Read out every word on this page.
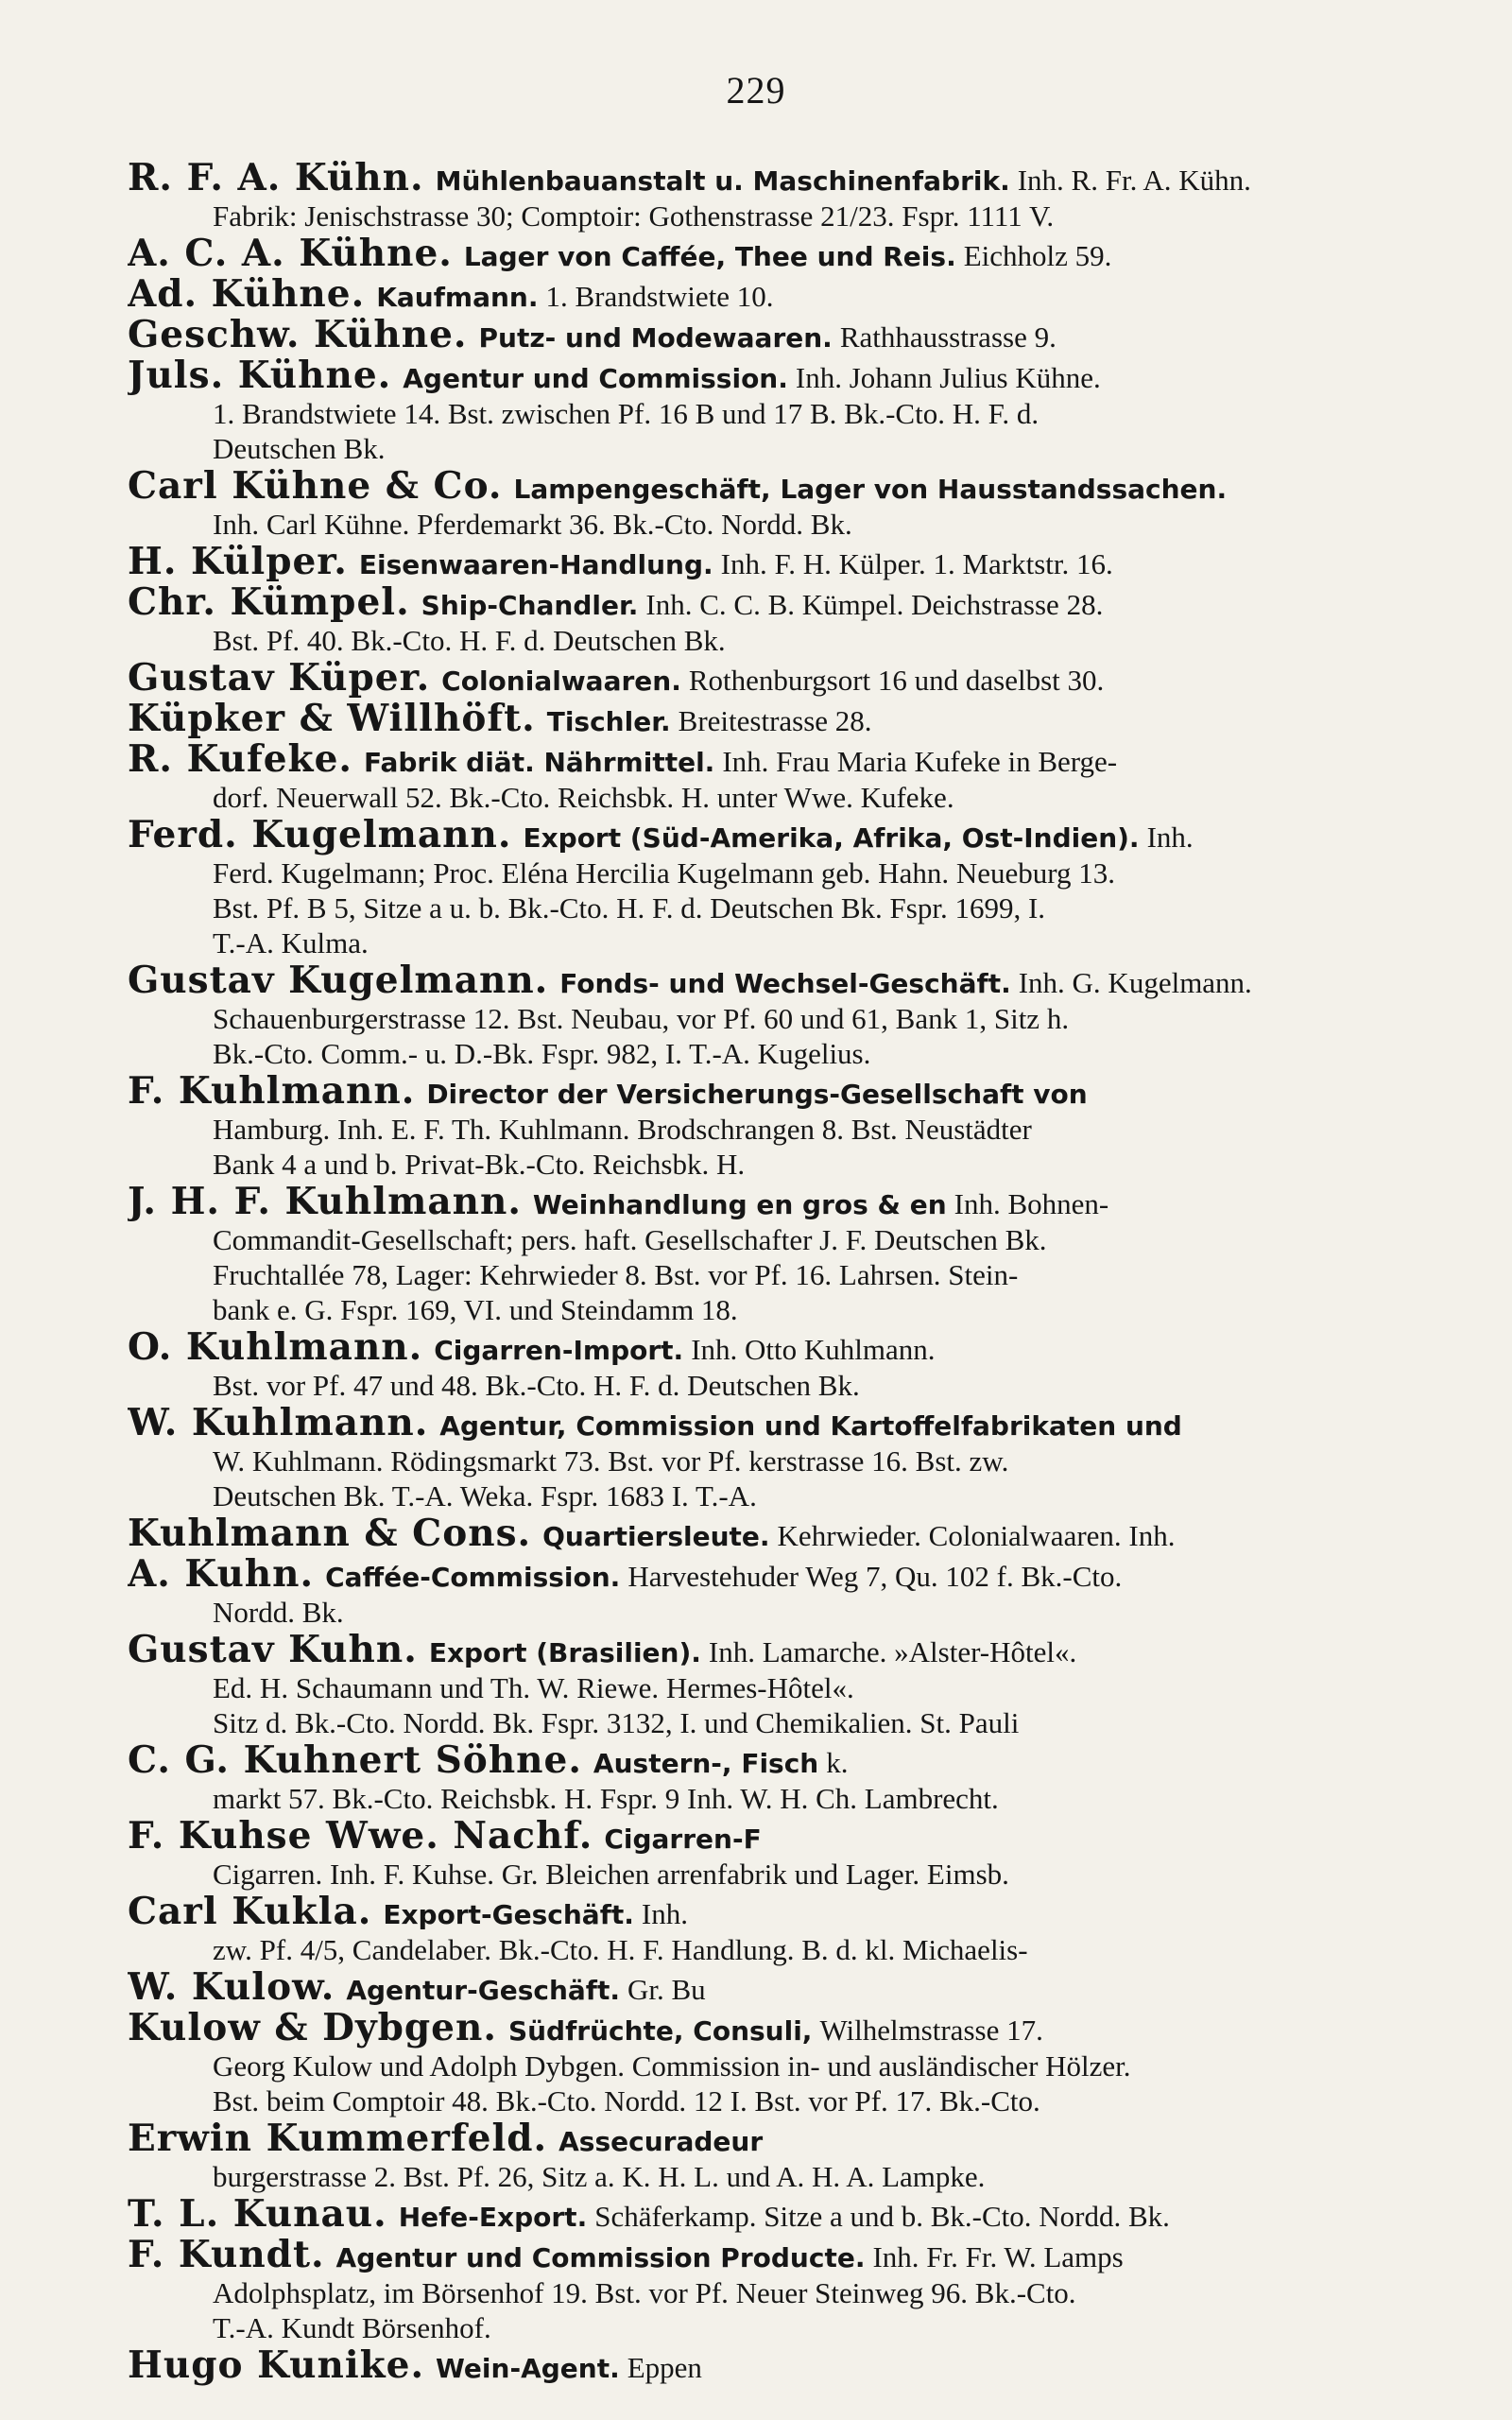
229
R. F. A. Kühn. Mühlenbauanstalt u. Maschinenfabrik. Inh. R. Fr. A. Kühn.
Fabrik: Jenischstrasse 30; Comptoir: Gothenstrasse 21/23. Fspr. 1111 V.
A. C. A. Kühne. Lager von Caffée, Thee und Reis. Eichholz 59.
Ad. Kühne. Kaufmann. 1. Brandstwiete 10.
Geschw. Kühne. Putz- und Modewaaren. Rathhausstrasse 9.
Juls. Kühne. Agentur und Commission. Inh. Johann Julius Kühne.
1. Brandstwiete 14. Bst. zwischen Pf. 16 B und 17 B. Bk.-Cto. H. F. d.
Deutschen Bk.
Carl Kühne & Co. Lampengeschäft, Lager von Hausstandssachen.
Inh. Carl Kühne. Pferdemarkt 36. Bk.-Cto. Nordd. Bk.
H. Külper. Eisenwaaren-Handlung. Inh. F. H. Külper. 1. Marktstr. 16.
Chr. Kümpel. Ship-Chandler. Inh. C. C. B. Kümpel. Deichstrasse 28.
Bst. Pf. 40. Bk.-Cto. H. F. d. Deutschen Bk.
Gustav Küper. Colonialwaaren. Rothenburgsort 16 und daselbst 30.
Küpker & Willhöft. Tischler. Breitestrasse 28.
R. Kufeke. Fabrik diät. Nährmittel. Inh. Frau Maria Kufeke in Berge-
dorf. Neuerwall 52. Bk.-Cto. Reichsbk. H. unter Wwe. Kufeke.
Ferd. Kugelmann. Export (Süd-Amerika, Afrika, Ost-Indien). Inh.
Ferd. Kugelmann; Proc. Eléna Hercilia Kugelmann geb. Hahn. Neueburg 13.
Bst. Pf. B 5, Sitze a u. b. Bk.-Cto. H. F. d. Deutschen Bk. Fspr. 1699, I.
T.-A. Kulma.
Gustav Kugelmann. Fonds- und Wechsel-Geschäft. Inh. G. Kugelmann.
Schauenburgerstrasse 12. Bst. Neubau, vor Pf. 60 und 61, Bank 1, Sitz h.
Bk.-Cto. Comm.- u. D.-Bk. Fspr. 982, I. T.-A. Kugelius.
F. Kuhlmann. Director der Versicherungs-Gesellschaft von
Hamburg. Inh. E. F. Th. Kuhlmann. Brodschrangen 8. Bst. Neustädter
Bank 4 a und b. Privat-Bk.-Cto. Reichsbk. H.
J. H. F. Kuhlmann. Weinhandlung en gros & en Inh. Bohnen-
Commandit-Gesellschaft; pers. haft. Gesellschafter J. F. Deutschen Bk.
Fruchtallée 78, Lager: Kehrwieder 8. Bst. vor Pf. 16. Lahrsen. Stein-
bank e. G. Fspr. 169, VI. und Steindamm 18.
O. Kuhlmann. Cigarren-Import. Inh. Otto Kuhlmann.
Bst. vor Pf. 47 und 48. Bk.-Cto. H. F. d. Deutschen Bk.
W. Kuhlmann. Agentur, Commission und Kartoffelfabrikaten und
W. Kuhlmann. Rödingsmarkt 73. Bst. vor Pf. kerstrasse 16. Bst. zw.
Deutschen Bk. T.-A. Weka. Fspr. 1683 I. T.-A.
Kuhlmann & Cons. Quartiersleute. Kehrwieder. Colonialwaaren. Inh.
A. Kuhn. Caffée-Commission. Harvestehuder Weg 7, Qu. 102 f. Bk.-Cto.
Nordd. Bk.
Gustav Kuhn. Export (Brasilien). Inh. Lamarche. »Alster-Hôtel«.
Ed. H. Schaumann und Th. W. Riewe. Hermes-Hôtel«.
Sitz d. Bk.-Cto. Nordd. Bk. Fspr. 3132, I. und Chemikalien. St. Pauli
C. G. Kuhnert Söhne. Austern-, Fisch k.
markt 57. Bk.-Cto. Reichsbk. H. Fspr. 9 Inh. W. H. Ch. Lambrecht.
F. Kuhse Wwe. Nachf. Cigarren-F
Cigarren. Inh. F. Kuhse. Gr. Bleichen arrenfabrik und Lager. Eimsb.
Carl Kukla. Export-Geschäft. Inh.
zw. Pf. 4/5, Candelaber. Bk.-Cto. H. F. Handlung. B. d. kl. Michaelis-
W. Kulow. Agentur-Geschäft. Gr. Bu
Kulow & Dybgen. Südfrüchte, Consuli, Wilhelmstrasse 17.
Georg Kulow und Adolph Dybgen. Commission in- und ausländischer Hölzer.
Bst. beim Comptoir 48. Bk.-Cto. Nordd. 12 I. Bst. vor Pf. 17. Bk.-Cto.
Erwin Kummerfeld. Assecuradeur
burgerstrasse 2. Bst. Pf. 26, Sitz a. K. H. L. und A. H. A. Lampke.
T. L. Kunau. Hefe-Export. Schäferkamp. Sitze a und b. Bk.-Cto. Nordd. Bk.
F. Kundt. Agentur und Commission Producte. Inh. Fr. Fr. W. Lamps
Adolphsplatz, im Börsenhof 19. Bst. vor Pf. Neuer Steinweg 96. Bk.-Cto.
T.-A. Kundt Börsenhof.
Hugo Kunike. Wein-Agent. Eppen
